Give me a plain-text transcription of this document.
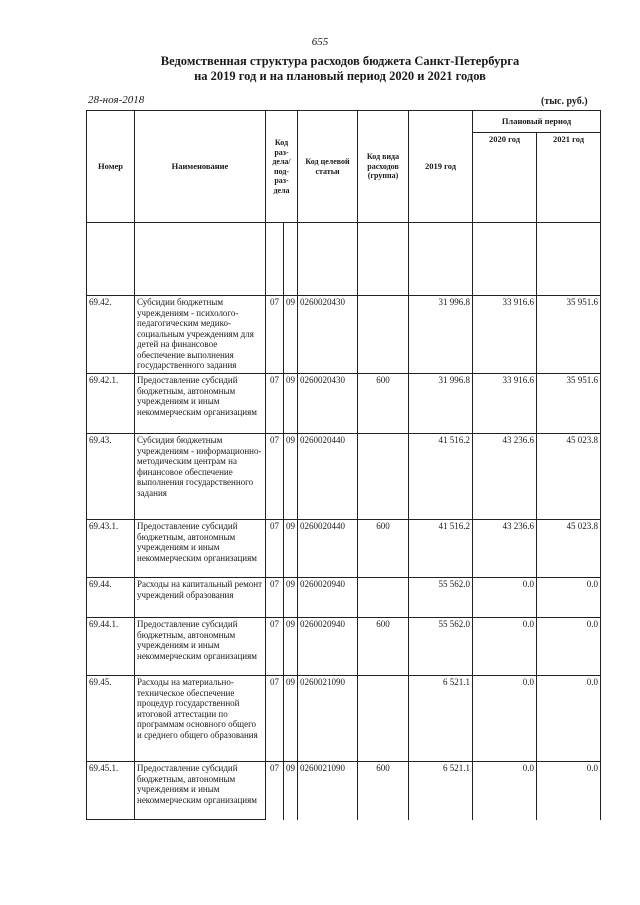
655
Ведомственная структура расходов бюджета Санкт-Петербурга
на 2019 год и на плановый период 2020 и 2021 годов
28-ноя-2018	(тыс. руб.)
Номер	Наименование	Код раз-дела/ под-раз-дела		Код целевой статьи	Код вида расходов (группа)	2019 год	Плановый период	
							2020 год	2021 год

69.42.	Субсидии бюджетным учреждениям - психолого-педагогическим медико-социальным учреждениям для детей на финансовое обеспечение выполнения государственного задания	07	09	0260020430		31 996.8	33 916.6	35 951.6
69.42.1.	Предоставление субсидий бюджетным, автономным учреждениям и иным некоммерческим организациям	07	09	0260020430	600	31 996.8	33 916.6	35 951.6
69.43.	Субсидия бюджетным учреждениям - информационно-методическим центрам на финансовое обеспечение выполнения государственного задания	07	09	0260020440		41 516.2	43 236.6	45 023.8
69.43.1.	Предоставление субсидий бюджетным, автономным учреждениям и иным некоммерческим организациям	07	09	0260020440	600	41 516.2	43 236.6	45 023.8
69.44.	Расходы на капитальный ремонт учреждений образования	07	09	0260020940		55 562.0	0.0	0.0
69.44.1.	Предоставление субсидий бюджетным, автономным учреждениям и иным некоммерческим организациям	07	09	0260020940	600	55 562.0	0.0	0.0
69.45.	Расходы на материально-техническое обеспечение процедур государственной итоговой аттестации по программам основного общего и среднего общего образования	07	09	0260021090		6 521.1	0.0	0.0
69.45.1.	Предоставление субсидий бюджетным, автономным учреждениям и иным некоммерческим организациям	07	09	0260021090	600	6 521.1	0.0	0.0
